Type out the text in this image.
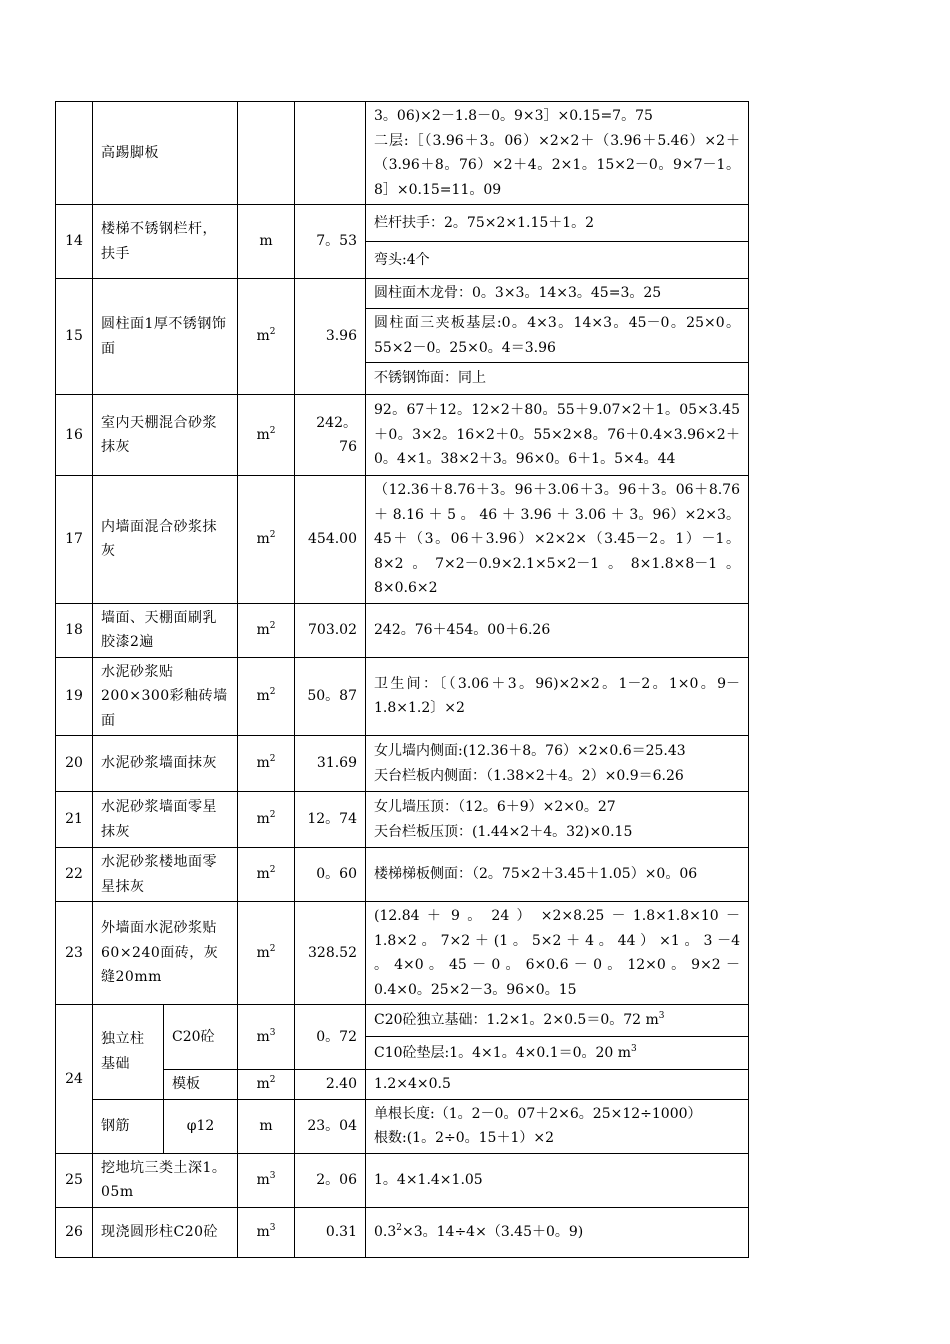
	高踢脚板				3。06)×2－1.8－0。9×3］×0.15=7。75
二层:［（3.96＋3。06）×2×2＋（3.96＋5.46）×2＋（3.96＋8。76）×2＋4。2×1。15×2－0。9×7－1。8］×0.15=11。09

14	楼梯不锈钢栏杆，扶手		m	7。53	栏杆扶手：2。75×2×1.15＋1。2
					弯头:4个
15	圆柱面1厚不锈钢饰面		$m^2$	3.96	圆柱面木龙骨：0。3×3。14×3。45=3。25
					圆柱面三夹板基层:0。4×3。14×3。45－0。25×0。55×2－0。25×0。4＝3.96
					不锈钢饰面：同上
16	室内天棚混合砂浆抹灰		$m^2$	242。76	92。67＋12。12×2＋80。55＋9.07×2＋1。05×3.45＋0。3×2。16×2＋0。55×2×8。76＋0.4×3.96×2＋0。4×1。38×2＋3。96×0。6＋1。5×4。44
17	内墙面混合砂浆抹灰		$m^2$	454.00	（12.36＋8.76＋3。96＋3.06＋3。96＋3。06＋8.76 ＋ 8.16 ＋ 5 。 46 ＋ 3.96 ＋ 3.06 ＋ 3。96）×2×3。45＋（3。06＋3.96）×2×2×（3.45－2。1）－1。8×2。7×2－0.9×2.1×5×2－1。8×1.8×8－1。8×0.6×2
18	墙面、天棚面刷乳胶漆2遍		$m^2$	703.02	242。76＋454。00＋6.26
19	水泥砂浆贴200×300彩釉砖墙面		$m^2$	50。87	卫生间：〔（3.06＋3。96)×2×2。1－2。1×0。9－1.8×1.2〕×2
20	水泥砂浆墙面抹灰		$m^2$	31.69	女儿墙内侧面:(12.36＋8。76）×2×0.6＝25.43
天台栏板内侧面：（1.38×2＋4。2）×0.9＝6.26

21	水泥砂浆墙面零星抹灰		$m^2$	12。74	女儿墙压顶：（12。6＋9）×2×0。27
天台栏板压顶：(1.44×2＋4。32)×0.15

22	水泥砂浆楼地面零星抹灰		$m^2$	0。60	楼梯梯板侧面：（2。75×2＋3.45＋1.05）×0。06
23	外墙面水泥砂浆贴60×240面砖，灰缝20mm		$m^2$	328.52	(12.84 ＋ 9 。 24 ） ×2×8.25 － 1.8×1.8×10 －1.8×2 。 7×2 ＋ (1 。 5×2 ＋ 4 。 44 ） ×1 。 3 －4 。 4×0 。 45 － 0 。 6×0.6 － 0 。 12×0 。 9×2 －0.4×0。25×2－3。96×0。15
24	独立柱基础	C20砼	$m^3$	0。72	C20砼独立基础：1.2×1。2×0.5＝0。72 $m^3$
					C10砼垫层:1。4×1。4×0.1＝0。20 $m^3$
		模板	$m^2$	2.40	1.2×4×0.5
	钢筋	φ12	m	23。04	单根长度:（1。2－0。07＋2×6。25×12÷1000）
根数:(1。2÷0。15＋1）×2

25	挖地坑三类土深1。05m		$m^3$	2。06	1。4×1.4×1.05
26	现浇圆形柱C20砼		$m^3$	0.31	$0.3^2\times 3$。14÷4×（3.45＋0。9)
